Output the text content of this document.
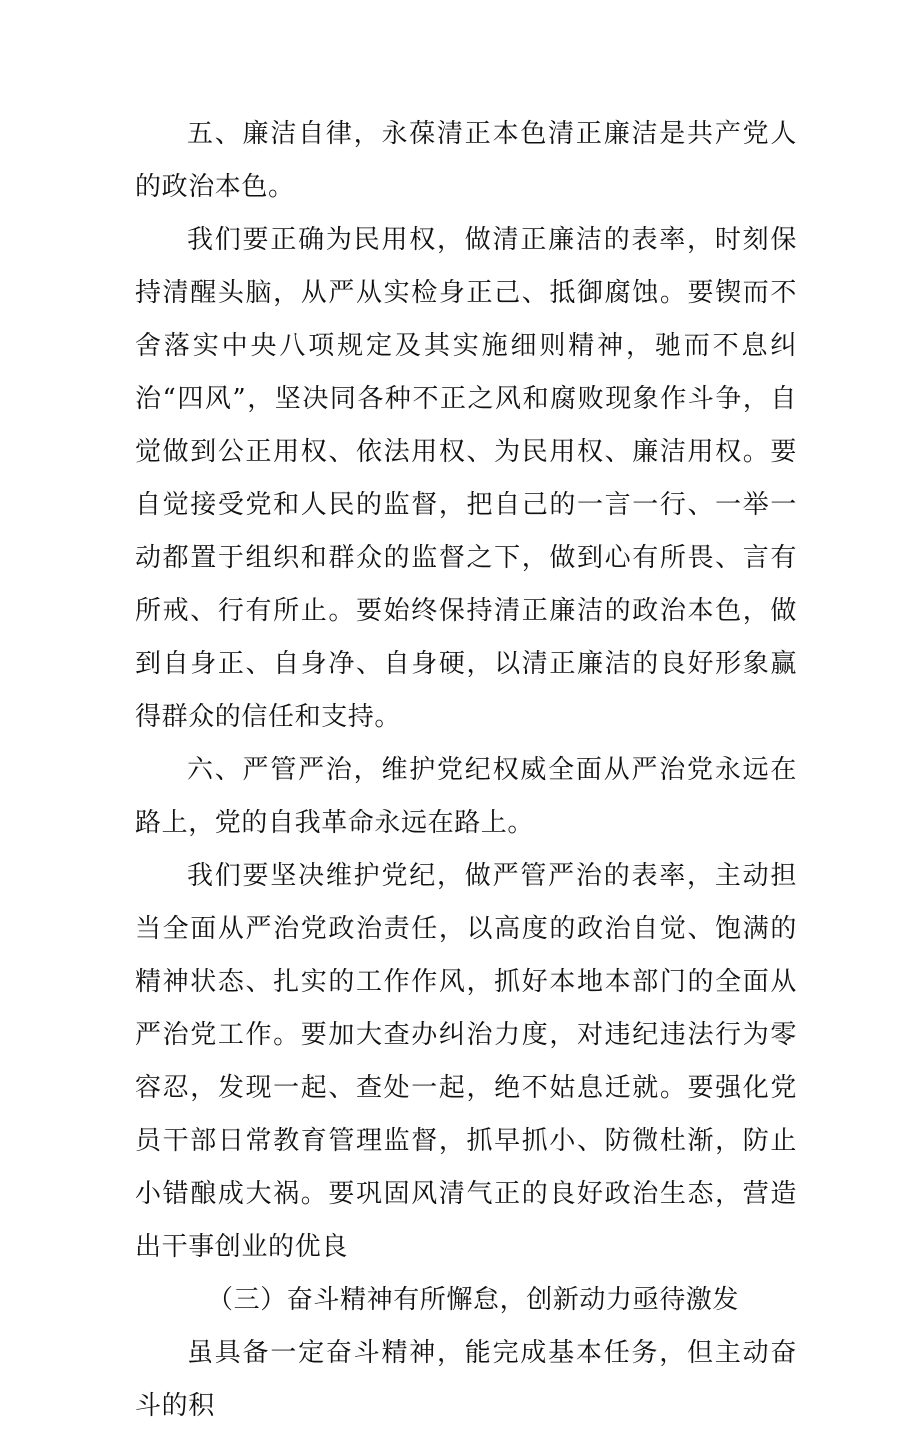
五、廉洁自律，永葆清正本色清正廉洁是共产党人的政治本色。

我们要正确为民用权，做清正廉洁的表率，时刻保持清醒头脑，从严从实检身正己、抵御腐蚀。要锲而不舍落实中央八项规定及其实施细则精神，驰而不息纠治“四风”，坚决同各种不正之风和腐败现象作斗争，自觉做到公正用权、依法用权、为民用权、廉洁用权。要自觉接受党和人民的监督，把自己的一言一行、一举一动都置于组织和群众的监督之下，做到心有所畏、言有所戒、行有所止。要始终保持清正廉洁的政治本色，做到自身正、自身净、自身硬，以清正廉洁的良好形象赢得群众的信任和支持。

六、严管严治，维护党纪权威全面从严治党永远在路上，党的自我革命永远在路上。

我们要坚决维护党纪，做严管严治的表率，主动担当全面从严治党政治责任，以高度的政治自觉、饱满的精神状态、扎实的工作作风，抓好本地本部门的全面从严治党工作。要加大查办纠治力度，对违纪违法行为零容忍，发现一起、查处一起，绝不姑息迁就。要强化党员干部日常教育管理监督，抓早抓小、防微杜渐，防止小错酿成大祸。要巩固风清气正的良好政治生态，营造出干事创业的优良

（三）奋斗精神有所懈怠，创新动力亟待激发

虽具备一定奋斗精神，能完成基本任务，但主动奋斗的积
